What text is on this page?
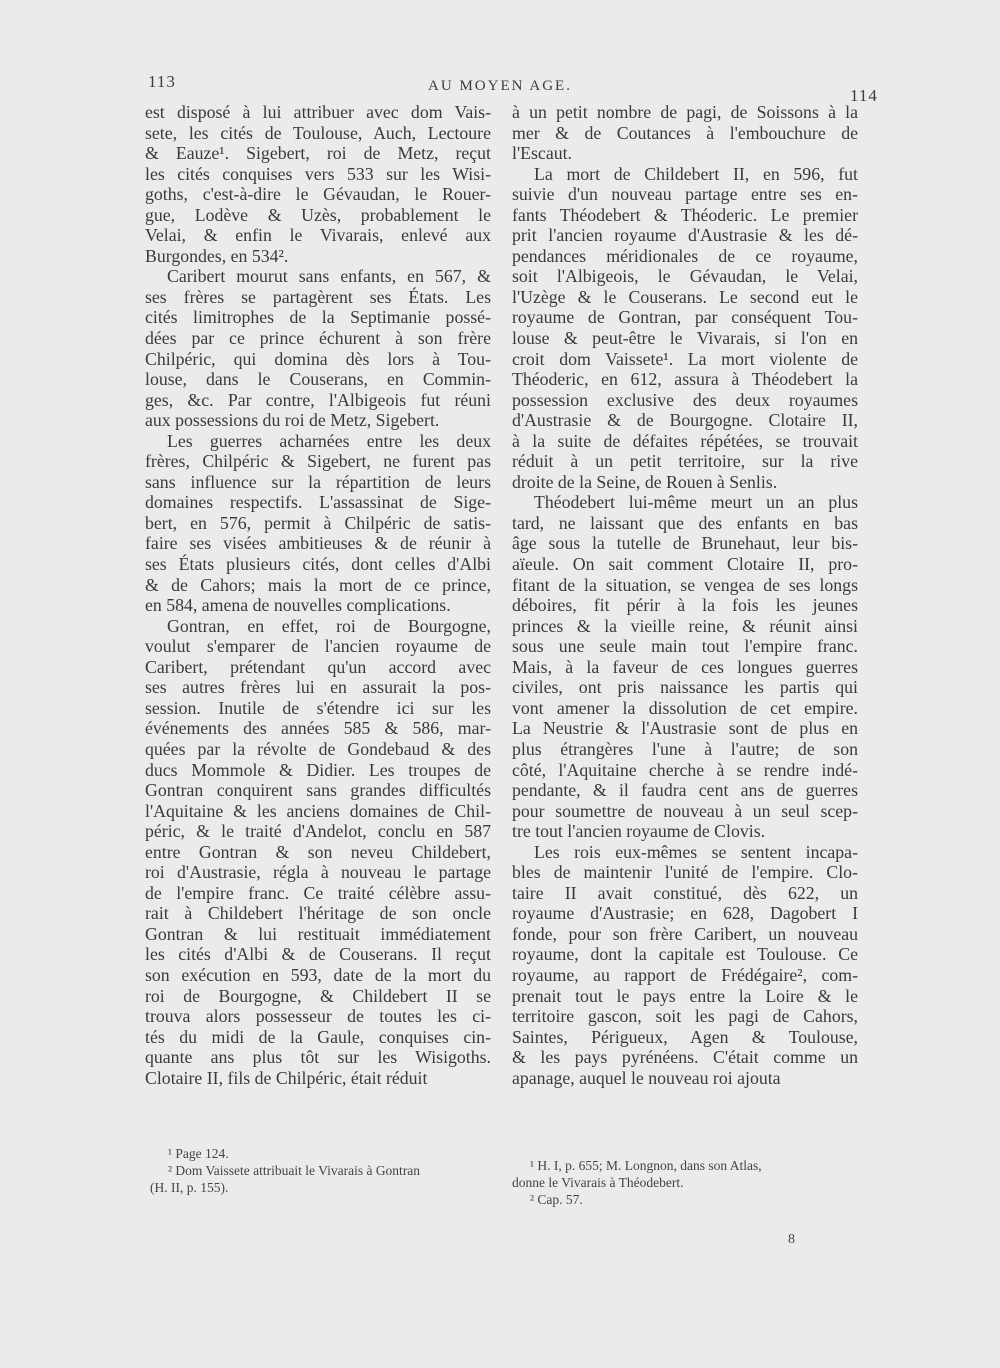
113	AU MOYEN AGE.	114

est disposé à lui attribuer avec dom Vais-

sete, les cités de Toulouse, Auch, Lectoure

& Eauze¹. Sigebert, roi de Metz, reçut

les cités conquises vers 533 sur les Wisi-

goths, c'est-à-dire le Gévaudan, le Rouer-

gue, Lodève & Uzès, probablement le

Velai, & enfin le Vivarais, enlevé aux

Burgondes, en 534².

Caribert mourut sans enfants, en 567, &

ses frères se partagèrent ses États. Les

cités limitrophes de la Septimanie possé-

dées par ce prince échurent à son frère

Chilpéric, qui domina dès lors à Tou-

louse, dans le Couserans, en Commin-

ges, &c. Par contre, l'Albigeois fut réuni

aux possessions du roi de Metz, Sigebert.

Les guerres acharnées entre les deux

frères, Chilpéric & Sigebert, ne furent pas

sans influence sur la répartition de leurs

domaines respectifs. L'assassinat de Sige-

bert, en 576, permit à Chilpéric de satis-

faire ses visées ambitieuses & de réunir à

ses États plusieurs cités, dont celles d'Albi

& de Cahors; mais la mort de ce prince,

en 584, amena de nouvelles complications.

Gontran, en effet, roi de Bourgogne,

voulut s'emparer de l'ancien royaume de

Caribert, prétendant qu'un accord avec

ses autres frères lui en assurait la pos-

session. Inutile de s'étendre ici sur les

événements des années 585 & 586, mar-

quées par la révolte de Gondebaud & des

ducs Mommole & Didier. Les troupes de

Gontran conquirent sans grandes difficultés

l'Aquitaine & les anciens domaines de Chil-

péric, & le traité d'Andelot, conclu en 587

entre Gontran & son neveu Childebert,

roi d'Austrasie, régla à nouveau le partage

de l'empire franc. Ce traité célèbre assu-

rait à Childebert l'héritage de son oncle

Gontran & lui restituait immédiatement

les cités d'Albi & de Couserans. Il reçut

son exécution en 593, date de la mort du

roi de Bourgogne, & Childebert II se

trouva alors possesseur de toutes les ci-

tés du midi de la Gaule, conquises cin-

quante ans plus tôt sur les Wisigoths.

Clotaire II, fils de Chilpéric, était réduit

à un petit nombre de pagi, de Soissons à la

mer & de Coutances à l'embouchure de

l'Escaut.

La mort de Childebert II, en 596, fut

suivie d'un nouveau partage entre ses en-

fants Théodebert & Théoderic. Le premier

prit l'ancien royaume d'Austrasie & les dé-

pendances méridionales de ce royaume,

soit l'Albigeois, le Gévaudan, le Velai,

l'Uzège & le Couserans. Le second eut le

royaume de Gontran, par conséquent Tou-

louse & peut-être le Vivarais, si l'on en

croit dom Vaissete¹. La mort violente de

Théoderic, en 612, assura à Théodebert la

possession exclusive des deux royaumes

d'Austrasie & de Bourgogne. Clotaire II,

à la suite de défaites répétées, se trouvait

réduit à un petit territoire, sur la rive

droite de la Seine, de Rouen à Senlis.

Théodebert lui-même meurt un an plus

tard, ne laissant que des enfants en bas

âge sous la tutelle de Brunehaut, leur bis-

aïeule. On sait comment Clotaire II, pro-

fitant de la situation, se vengea de ses longs

déboires, fit périr à la fois les jeunes

princes & la vieille reine, & réunit ainsi

sous une seule main tout l'empire franc.

Mais, à la faveur de ces longues guerres

civiles, ont pris naissance les partis qui

vont amener la dissolution de cet empire.

La Neustrie & l'Austrasie sont de plus en

plus étrangères l'une à l'autre; de son

côté, l'Aquitaine cherche à se rendre indé-

pendante, & il faudra cent ans de guerres

pour soumettre de nouveau à un seul scep-

tre tout l'ancien royaume de Clovis.

Les rois eux-mêmes se sentent incapa-

bles de maintenir l'unité de l'empire. Clo-

taire II avait constitué, dès 622, un

royaume d'Austrasie; en 628, Dagobert I

fonde, pour son frère Caribert, un nouveau

royaume, dont la capitale est Toulouse. Ce

royaume, au rapport de Frédégaire², com-

prenait tout le pays entre la Loire & le

territoire gascon, soit les pagi de Cahors,

Saintes, Périgueux, Agen & Toulouse,

& les pays pyrénéens. C'était comme un

apanage, auquel le nouveau roi ajouta

¹ Page 124.

² Dom Vaissete attribuait le Vivarais à Gontran

(H. II, p. 155).

¹ H. I, p. 655; M. Longnon, dans son Atlas,

donne le Vivarais à Théodebert.

² Cap. 57.

8
